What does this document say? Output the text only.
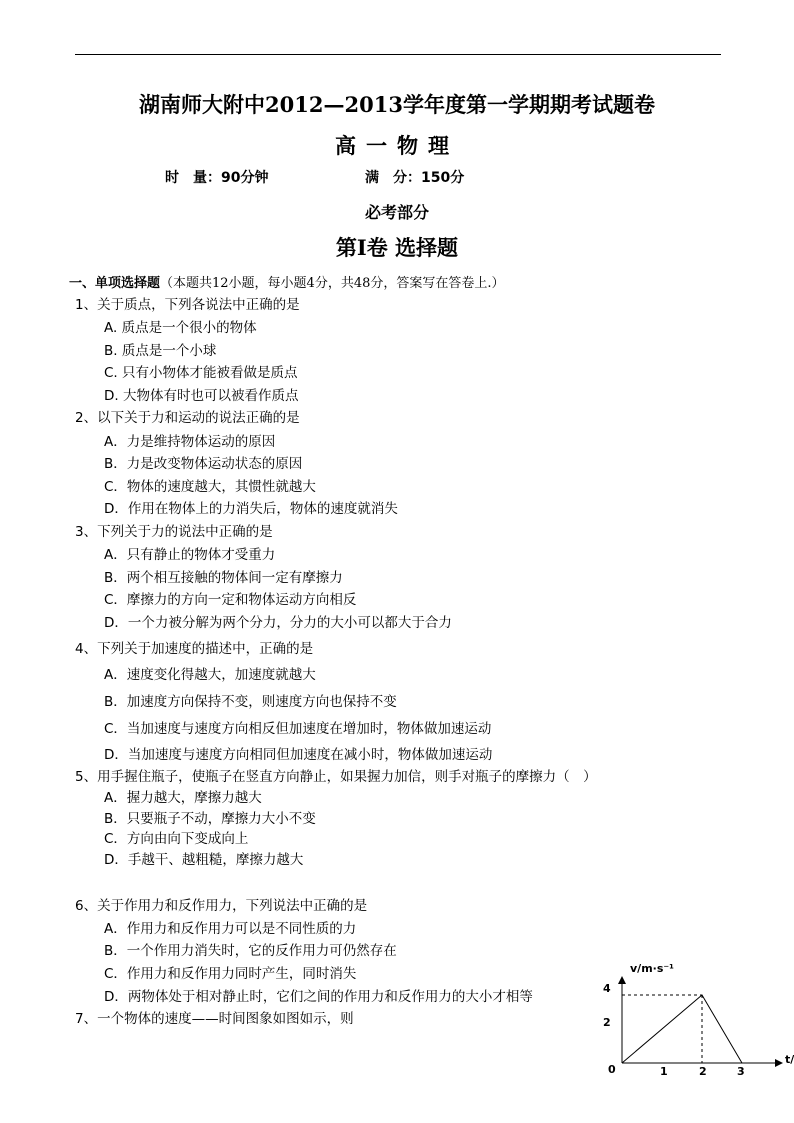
湖南师大附中2012—2013学年度第一学期期考试题卷
高一物理
时　量：90分钟	满　分：150分
必考部分
第Ⅰ卷 选择题
一、单项选择题（本题共12小题，每小题4分，共48分，答案写在答卷上.）
1、关于质点，下列各说法中正确的是
A. 质点是一个很小的物体
B. 质点是一个小球
C. 只有小物体才能被看做是质点
D. 大物体有时也可以被看作质点
2、以下关于力和运动的说法正确的是
A．力是维持物体运动的原因
B．力是改变物体运动状态的原因
C．物体的速度越大，其惯性就越大
D．作用在物体上的力消失后，物体的速度就消失
3、下列关于力的说法中正确的是
A．只有静止的物体才受重力
B．两个相互接触的物体间一定有摩擦力
C．摩擦力的方向一定和物体运动方向相反
D．一个力被分解为两个分力，分力的大小可以都大于合力
4、下列关于加速度的描述中，正确的是
A．速度变化得越大，加速度就越大
B．加速度方向保持不变，则速度方向也保持不变
C．当加速度与速度方向相反但加速度在增加时，物体做加速运动
D．当加速度与速度方向相同但加速度在减小时，物体做加速运动
5、用手握住瓶子，使瓶子在竖直方向静止，如果握力加信，则手对瓶子的摩擦力（　）
A．握力越大，摩擦力越大
B．只要瓶子不动，摩擦力大小不变
C．方向由向下变成向上
D．手越干、越粗糙，摩擦力越大
6、关于作用力和反作用力，下列说法中正确的是
A．作用力和反作用力可以是不同性质的力
B．一个作用力消失时，它的反作用力可仍然存在
C．作用力和反作用力同时产生，同时消失
D．两物体处于相对静止时，它们之间的作用力和反作用力的大小才相等
7、一个物体的速度——时间图象如图如示，则
v/m·s⁻¹
t/
0	1	2	3
2
4
